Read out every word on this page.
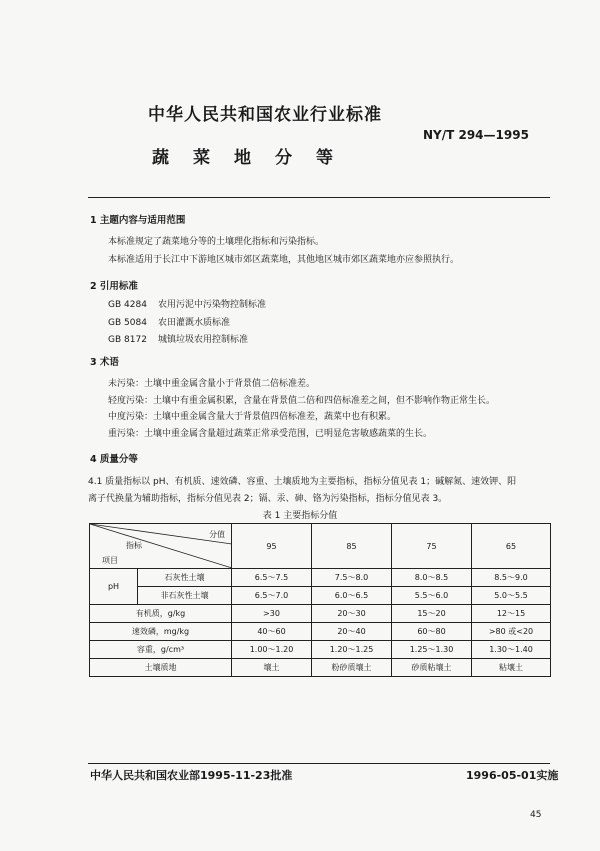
中华人民共和国农业行业标准
NY/T 294—1995
蔬菜地分等
1 主题内容与适用范围
本标准规定了蔬菜地分等的土壤理化指标和污染指标。
本标准适用于长江中下游地区城市郊区蔬菜地，其他地区城市郊区蔬菜地亦应参照执行。
2 引用标准
GB 4284 农用污泥中污染物控制标准
GB 5084 农田灌溉水质标准
GB 8172 城镇垃圾农用控制标准
3 术语
未污染：土壤中重金属含量小于背景值二倍标准差。
轻度污染：土壤中有重金属积累，含量在背景值二倍和四倍标准差之间，但不影响作物正常生长。
中度污染：土壤中重金属含量大于背景值四倍标准差，蔬菜中也有积累。
重污染：土壤中重金属含量超过蔬菜正常承受范围，已明显危害敏感蔬菜的生长。
4 质量分等
4.1 质量指标以 pH、有机质、速效磷、容重、土壤质地为主要指标，指标分值见表 1；碱解氮、速效钾、阳
离子代换量为辅助指标，指标分值见表 2；镉、汞、砷、铬为污染指标，指标分值见表 3。
表 1 主要指标分值
分值
指标
项目		95	85	75	65
pH	石灰性土壤	6.5～7.5	7.5～8.0	8.0～8.5	8.5～9.0
	非石灰性土壤	6.5～7.0	6.0～6.5	5.5～6.0	5.0～5.5
有机质，g/kg		>30	20～30	15～20	12～15
速效磷，mg/kg		40～60	20～40	60～80	>80 或<20
容重，g/cm³		1.00～1.20	1.20～1.25	1.25～1.30	1.30～1.40
土壤质地		壤土	粉砂质壤土	砂质粘壤土	粘壤土
中华人民共和国农业部1995-11-23批准	1996-05-01实施
45
